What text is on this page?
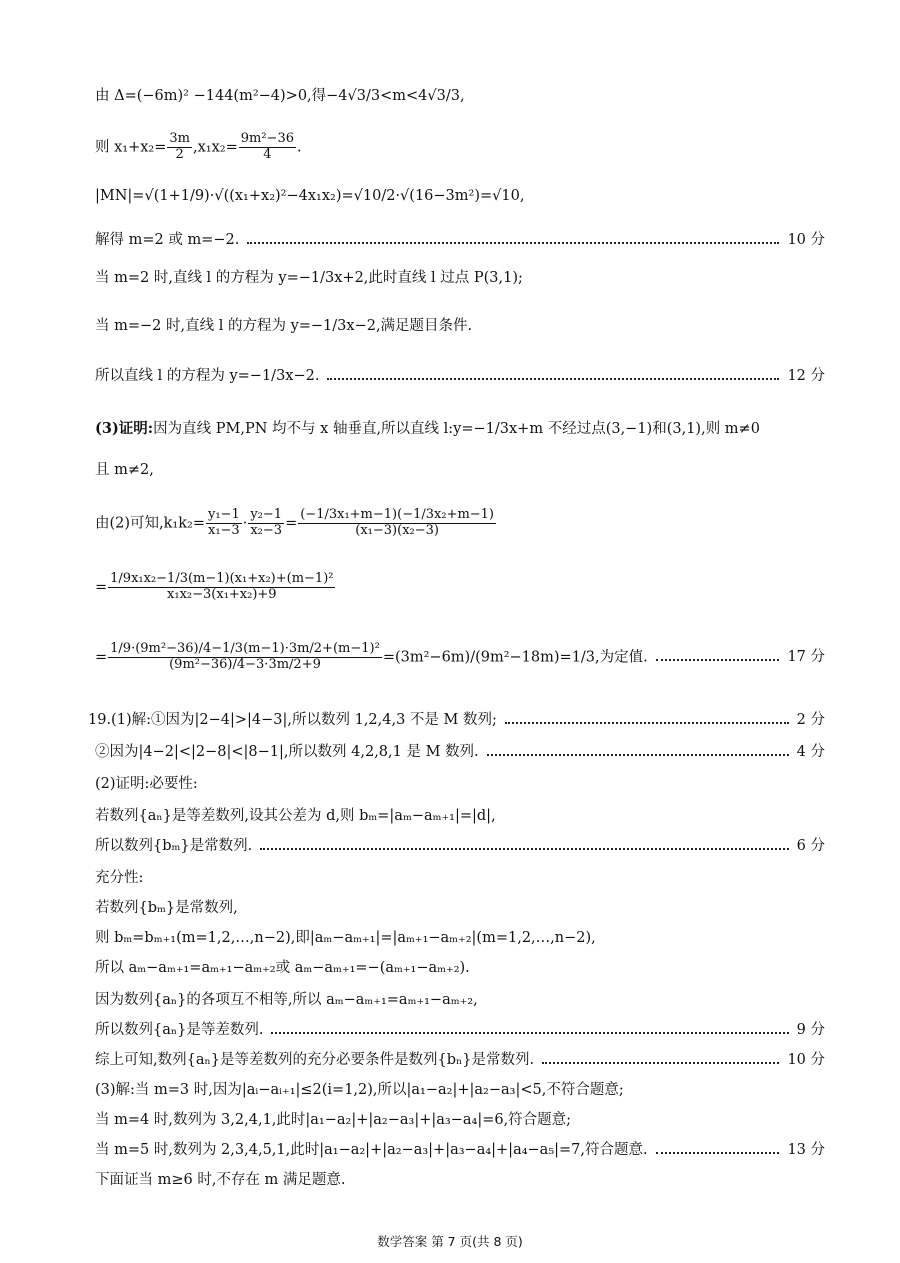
由 Δ=(−6m)² −144(m²−4)>0,得−4√3/3<m<4√3/3,
则 $x_1+x_2= \frac{3m}{2} ,x_1x_2= \frac{\text{9m²−36}}{4}$ .
|MN|=√(1+1/9)·√((x₁+x₂)²−4x₁x₂)=√10/2·√(16−3m²)=√10,
解得 m=2 或 m=−2.	10 分
当 m=2 时,直线 l 的方程为 y=−1/3x+2,此时直线 l 过点 P(3,1);
当 m=−2 时,直线 l 的方程为 y=−1/3x−2,满足题目条件.
所以直线 l 的方程为 y=−1/3x−2.	12 分
(3)证明:因为直线 PM,PN 均不与 x 轴垂直,所以直线 l:y=−1/3x+m 不经过点(3,−1)和(3,1),则 m≠0
且 m≠2,
由(2)可知$,k_1k_2= \frac{\text{y₁−1}}{\text{x₁−3}} \cdot \frac{\text{y₂−1}}{\text{x₂−3}} = \frac{\text{(−1/3x₁+m−1)(−1/3x₂+m−1)}}{\text{(x₁−3)(x₂−3)}}$
= $\frac{\text{1/9x₁x₂−1/3(m−1)(x₁+x₂)+(m−1)²}}{\text{x₁x₂−3(x₁+x₂)+9}}$
= $\frac{\text{1/9·(9m²−36)/4−1/3(m−1)·3m/2+(m−1)²}}{\text{(9m²−36)/4−3·3m/2+9}} =(3m^2-6m)/(9m^2-18m)=1/3$,为定值.	17 分
19.(1)解:①因为|2−4|>|4−3|,所以数列 1,2,4,3 不是 M 数列;	2 分
②因为|4−2|<|2−8|<|8−1|,所以数列 4,2,8,1 是 M 数列.	4 分
(2)证明:必要性:
若数列{aₙ}是等差数列,设其公差为 d,则 bₘ=|aₘ−aₘ₊₁|=|d|,
所以数列{bₘ}是常数列.	6 分
充分性:
若数列{bₘ}是常数列,
则 bₘ=bₘ₊₁(m=1,2,…,n−2),即|aₘ−aₘ₊₁|=|aₘ₊₁−aₘ₊₂|(m=1,2,…,n−2),
所以 aₘ−aₘ₊₁=aₘ₊₁−aₘ₊₂或 aₘ−aₘ₊₁=−(aₘ₊₁−aₘ₊₂).
因为数列{aₙ}的各项互不相等,所以 aₘ−aₘ₊₁=aₘ₊₁−aₘ₊₂,
所以数列{aₙ}是等差数列.	9 分
综上可知,数列{aₙ}是等差数列的充分必要条件是数列{bₙ}是常数列.	10 分
(3)解:当 m=3 时,因为|aᵢ−aᵢ₊₁|≤2(i=1,2),所以|a₁−a₂|+|a₂−a₃|<5,不符合题意;
当 m=4 时,数列为 3,2,4,1,此时|a₁−a₂|+|a₂−a₃|+|a₃−a₄|=6,符合题意;
当 m=5 时,数列为 2,3,4,5,1,此时|a₁−a₂|+|a₂−a₃|+|a₃−a₄|+|a₄−a₅|=7,符合题意.	13 分
下面证当 m≥6 时,不存在 m 满足题意.
数学答案 第 7 页(共 8 页)
